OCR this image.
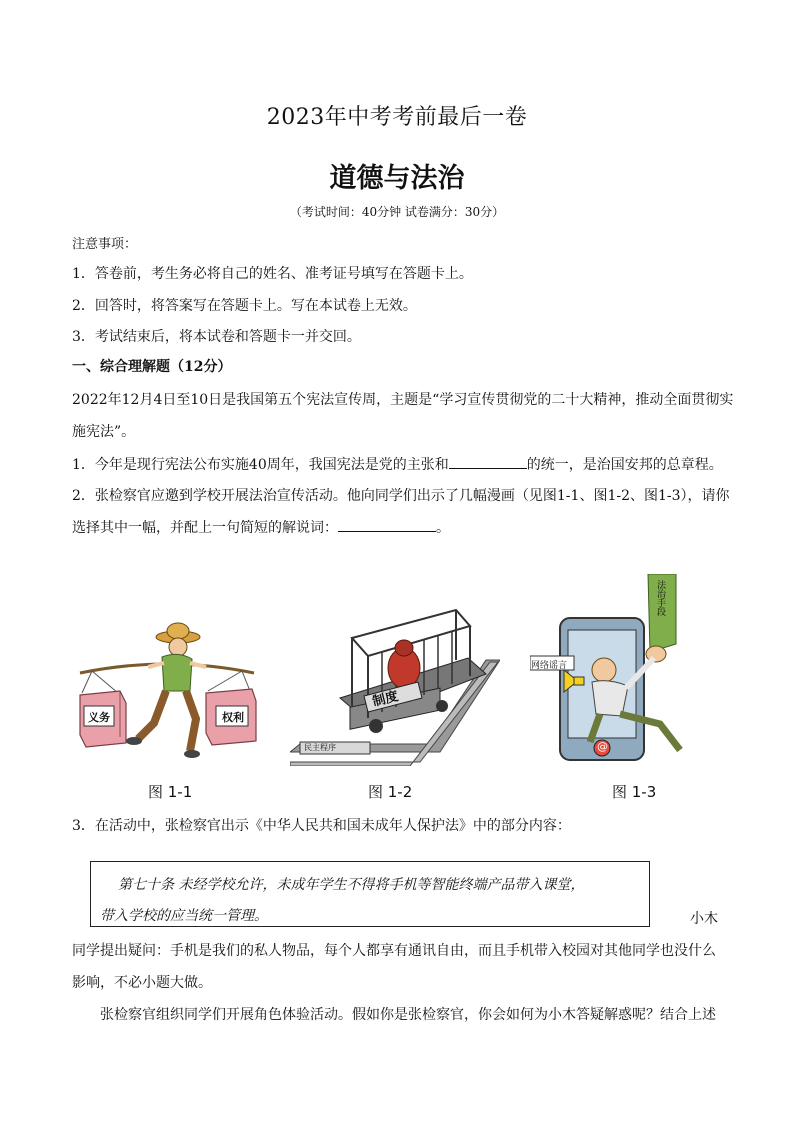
2023年中考考前最后一卷
道德与法治
（考试时间：40分钟 试卷满分：30分）
注意事项：
1．答卷前，考生务必将自己的姓名、准考证号填写在答题卡上。
2．回答时，将答案写在答题卡上。写在本试卷上无效。
3．考试结束后，将本试卷和答题卡一并交回。
一、综合理解题（12分）
2022年12月4日至10日是我国第五个宪法宣传周，主题是“学习宣传贯彻党的二十大精神，推动全面贯彻实
施宪法”。
1．今年是现行宪法公布实施40周年，我国宪法是党的主张和	的统一，是治国安邦的总章程。
2．张检察官应邀到学校开展法治宣传活动。他向同学们出示了几幅漫画（见图1-1、图1-2、图1-3），请你
选择其中一幅，并配上一句简短的解说词：	。
义务	权利
图 1-1
制度
民主程序
图 1-2
法治手段
网络谣言
@
图 1-3
3．在活动中，张检察官出示《中华人民共和国未成年人保护法》中的部分内容：
第七十条 未经学校允许，未成年学生不得将手机等智能终端产品带入课堂，
带入学校的应当统一管理。	小木
同学提出疑问：手机是我们的私人物品，每个人都享有通讯自由，而且手机带入校园对其他同学也没什么
影响，不必小题大做。
张检察官组织同学们开展角色体验活动。假如你是张检察官，你会如何为小木答疑解惑呢？结合上述
